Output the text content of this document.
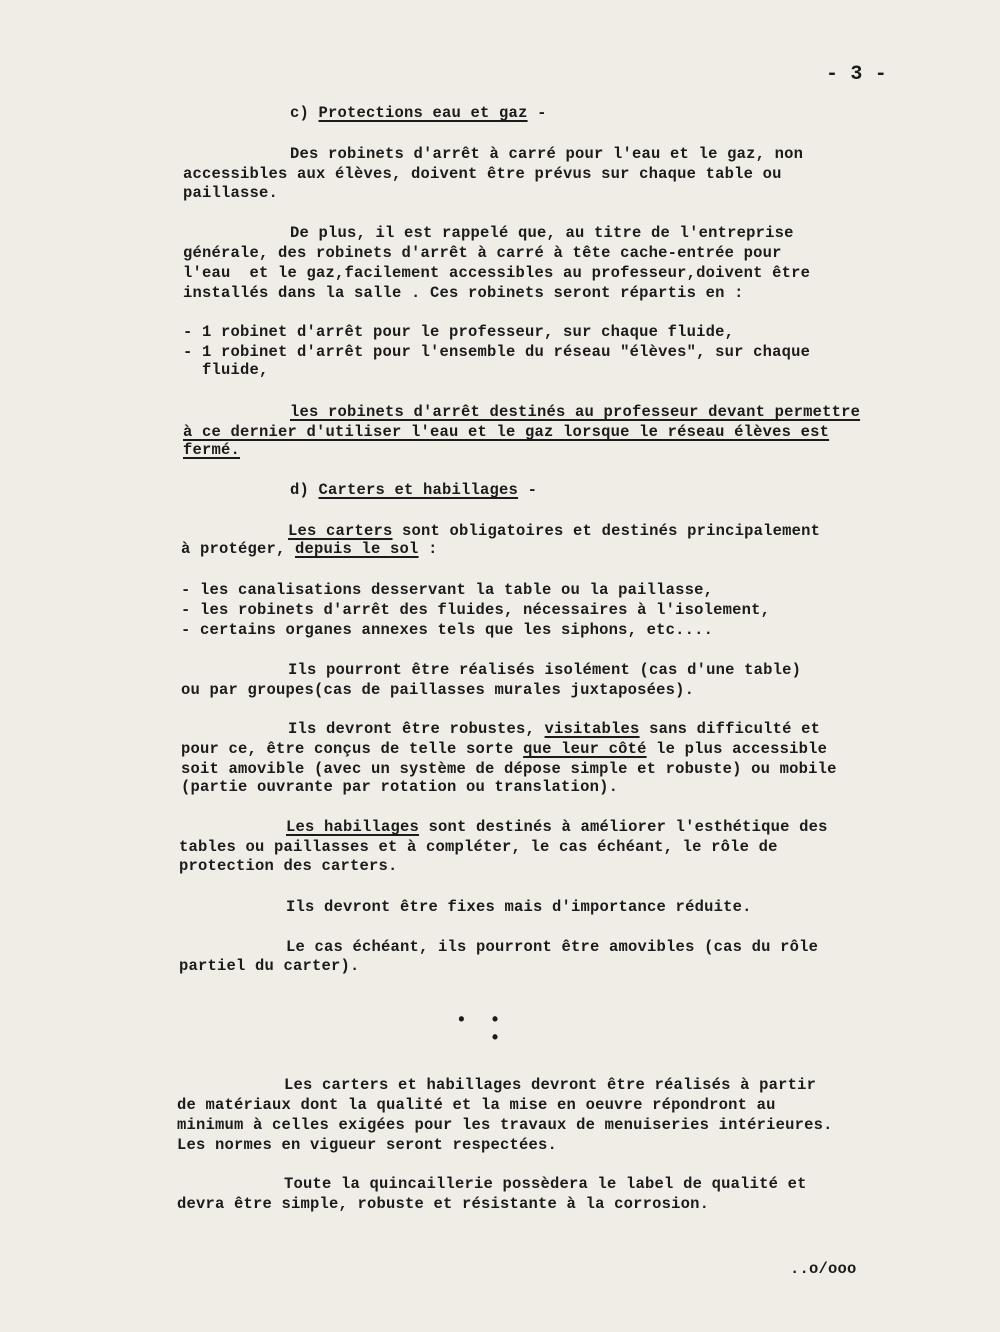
- 3 -
c) Protections eau et gaz -
Des robinets d'arrêt à carré pour l'eau et le gaz, non
accessibles aux élèves, doivent être prévus sur chaque table ou
paillasse.
De plus, il est rappelé que, au titre de l'entreprise
générale, des robinets d'arrêt à carré à tête cache-entrée pour
l'eau  et le gaz,facilement accessibles au professeur,doivent être
installés dans la salle . Ces robinets seront répartis en :
- 1 robinet d'arrêt pour le professeur, sur chaque fluide,
- 1 robinet d'arrêt pour l'ensemble du réseau "élèves", sur chaque
fluide,
les robinets d'arrêt destinés au professeur devant permettre
à ce dernier d'utiliser l'eau et le gaz lorsque le réseau élèves est
fermé.
d) Carters et habillages -
Les carters sont obligatoires et destinés principalement
à protéger, depuis le sol :
- les canalisations desservant la table ou la paillasse,
- les robinets d'arrêt des fluides, nécessaires à l'isolement,
- certains organes annexes tels que les siphons, etc....
Ils pourront être réalisés isolément (cas d'une table)
ou par groupes(cas de paillasses murales juxtaposées).
Ils devront être robustes, visitables sans difficulté et
pour ce, être conçus de telle sorte que leur côté le plus accessible
soit amovible (avec un système de dépose simple et robuste) ou mobile
(partie ouvrante par rotation ou translation).
Les habillages sont destinés à améliorer l'esthétique des
tables ou paillasses et à compléter, le cas échéant, le rôle de
protection des carters.
Ils devront être fixes mais d'importance réduite.
Le cas échéant, ils pourront être amovibles (cas du rôle
partiel du carter).
• •
•
Les carters et habillages devront être réalisés à partir
de matériaux dont la qualité et la mise en oeuvre répondront au
minimum à celles exigées pour les travaux de menuiseries intérieures.
Les normes en vigueur seront respectées.
Toute la quincaillerie possèdera le label de qualité et
devra être simple, robuste et résistante à la corrosion.
..o/ooo
